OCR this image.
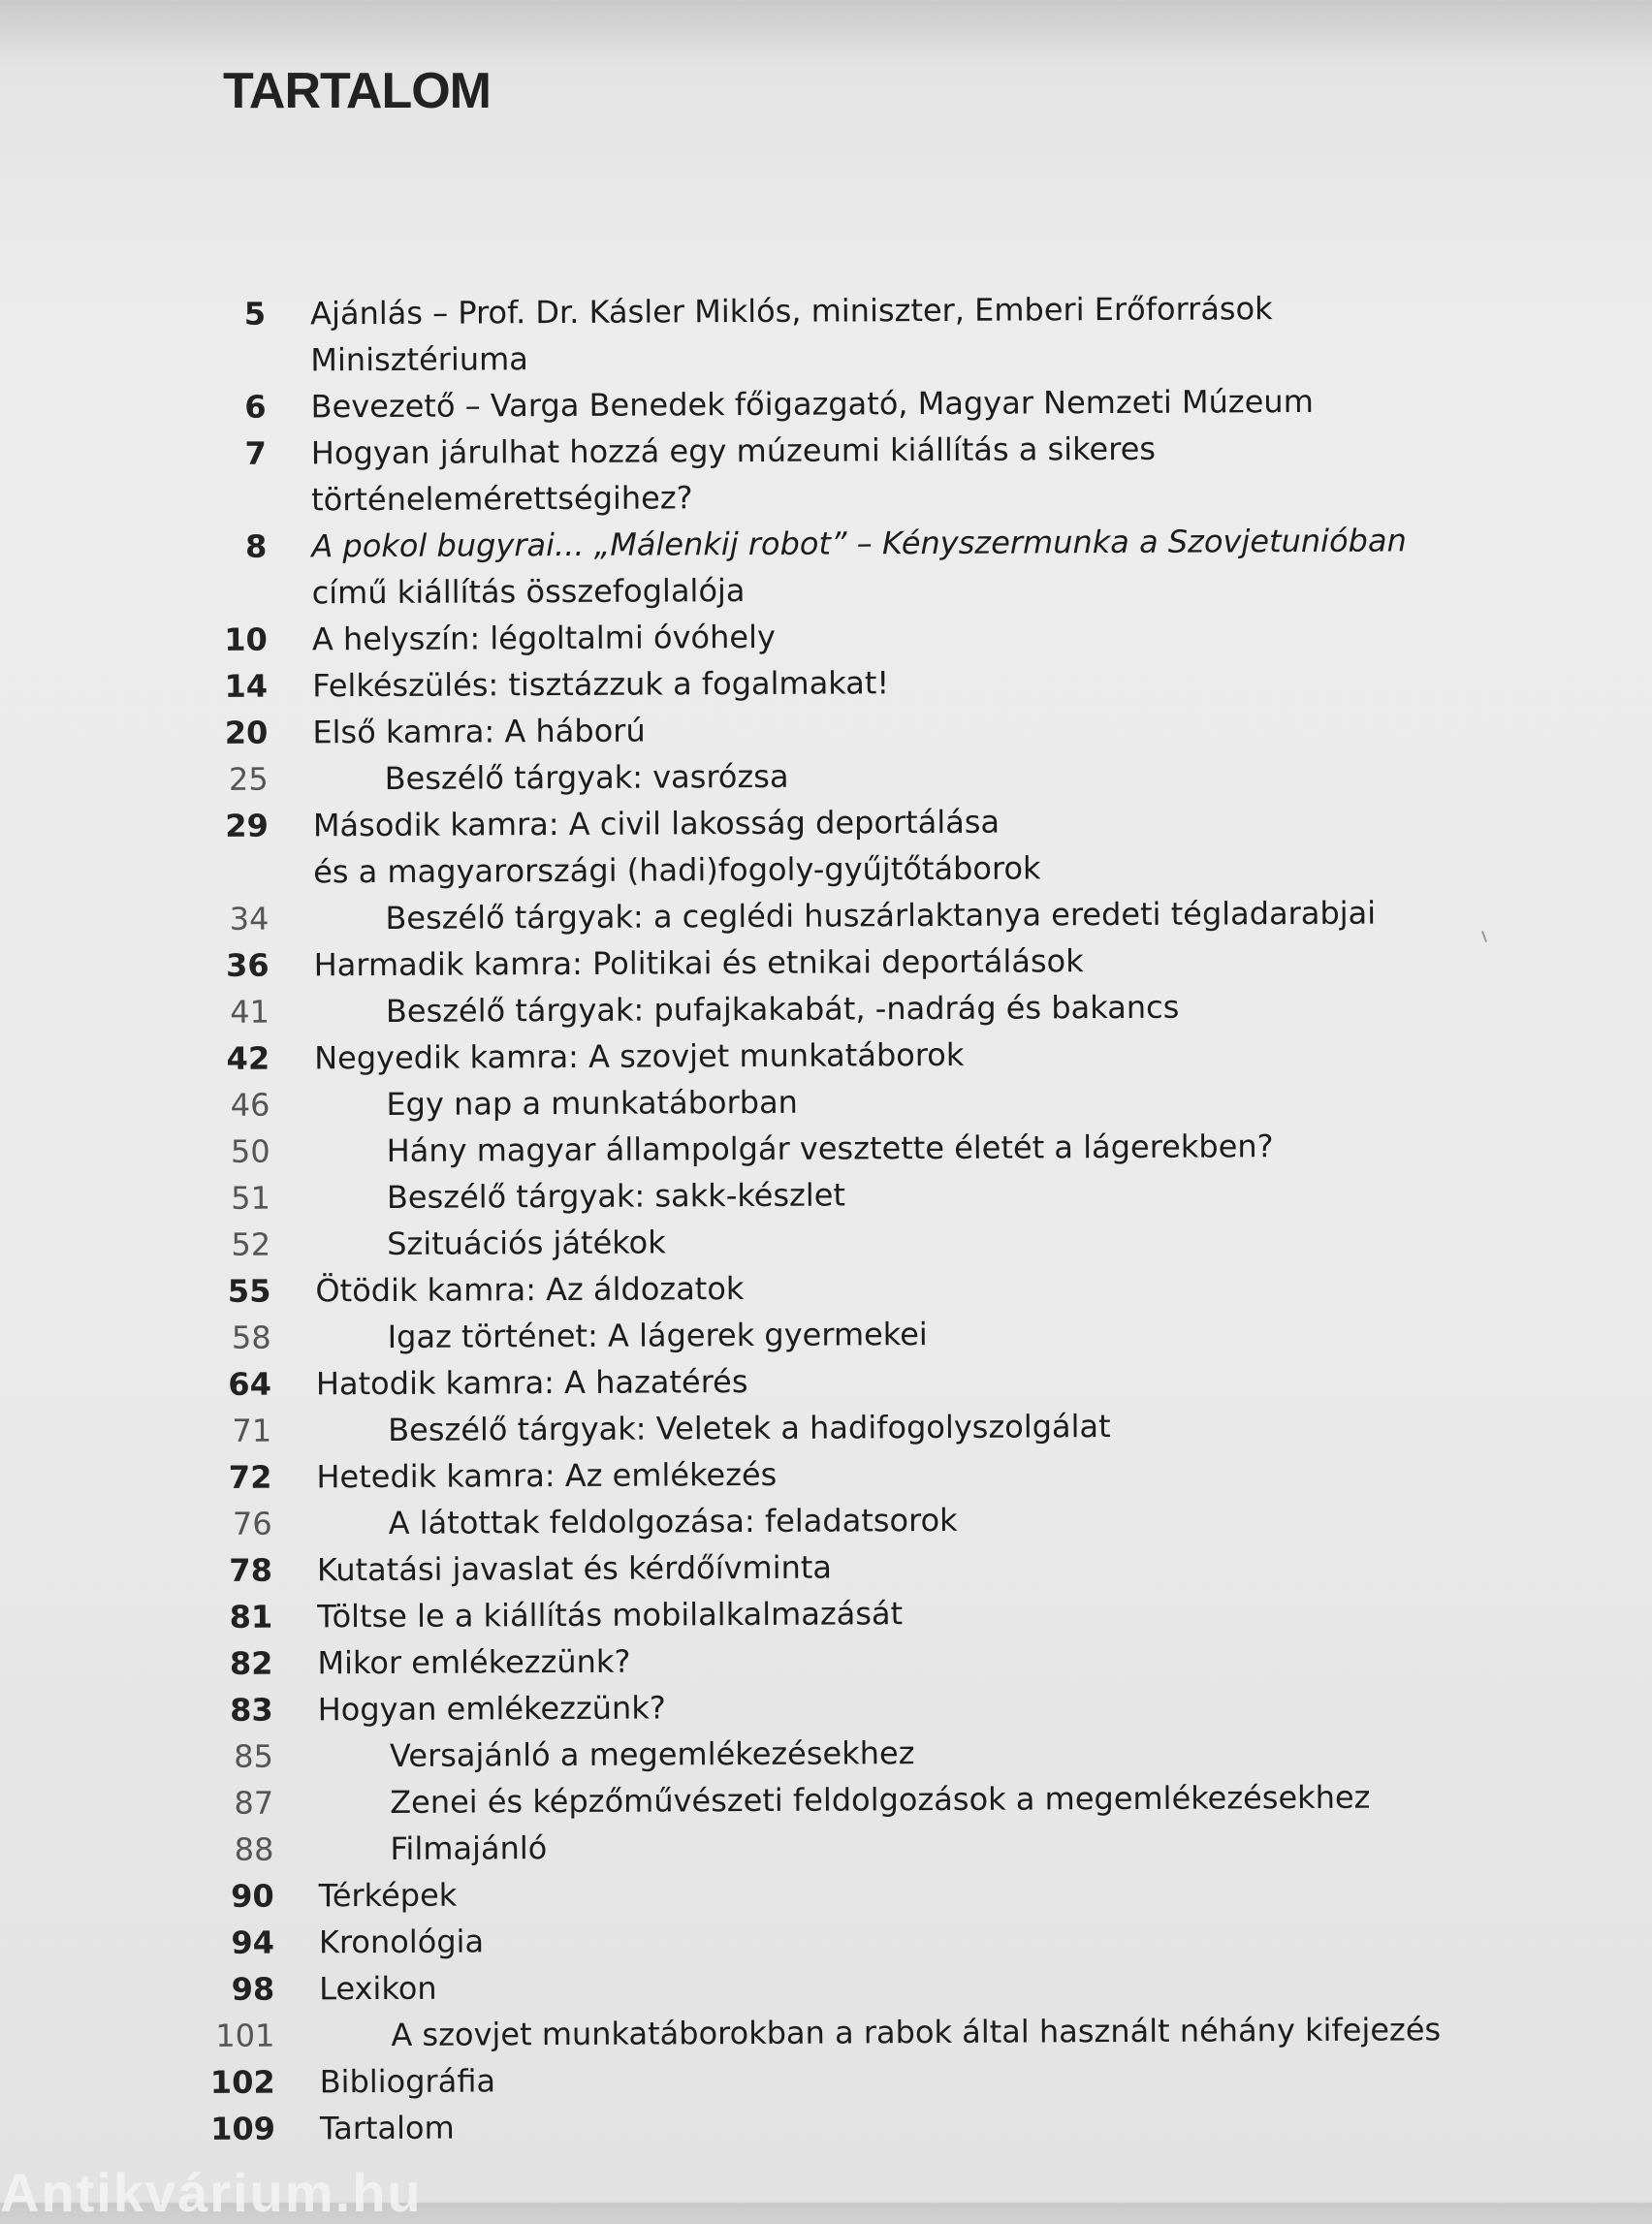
TARTALOM
5 Ajánlás – Prof. Dr. Kásler Miklós, miniszter, Emberi Erőforrások Minisztériuma
6 Bevezető – Varga Benedek főigazgató, Magyar Nemzeti Múzeum
7 Hogyan járulhat hozzá egy múzeumi kiállítás a sikeres történelemérettségihez?
8 A pokol bugyrai... „Málenkij robot” – Kényszermunka a Szovjetunióban
című kiállítás összefoglalója
10 A helyszín: légoltalmi óvóhely
14 Felkészülés: tisztázzuk a fogalmakat!
20 Első kamra: A háború
25	Beszélő tárgyak: vasrózsa
29 Második kamra: A civil lakosság deportálása
és a magyarországi (hadi)fogoly-gyűjtőtáborok
34	Beszélő tárgyak: a ceglédi huszárlaktanya eredeti tégladarabjai
36 Harmadik kamra: Politikai és etnikai deportálások
41	Beszélő tárgyak: pufajkakabát, -nadrág és bakancs
42 Negyedik kamra: A szovjet munkatáborok
46	Egy nap a munkatáborban
50	Hány magyar állampolgár vesztette életét a lágerekben?
51	Beszélő tárgyak: sakk-készlet
52	Szituációs játékok
55 Ötödik kamra: Az áldozatok
58	Igaz történet: A lágerek gyermekei
64 Hatodik kamra: A hazatérés
71	Beszélő tárgyak: Veletek a hadifogolyszolgálat
72 Hetedik kamra: Az emlékezés
76	A látottak feldolgozása: feladatsorok
78 Kutatási javaslat és kérdőívminta
81 Töltse le a kiállítás mobilalkalmazását
82 Mikor emlékezzünk?
83 Hogyan emlékezzünk?
85	Versajánló a megemlékezésekhez
87	Zenei és képzőművészeti feldolgozások a megemlékezésekhez
88	Filmajánló
90 Térképek
94 Kronológia
98 Lexikon
101	A szovjet munkatáborokban a rabok által használt néhány kifejezés
102 Bibliográfia
109 Tartalom
Antikvárium.hu
